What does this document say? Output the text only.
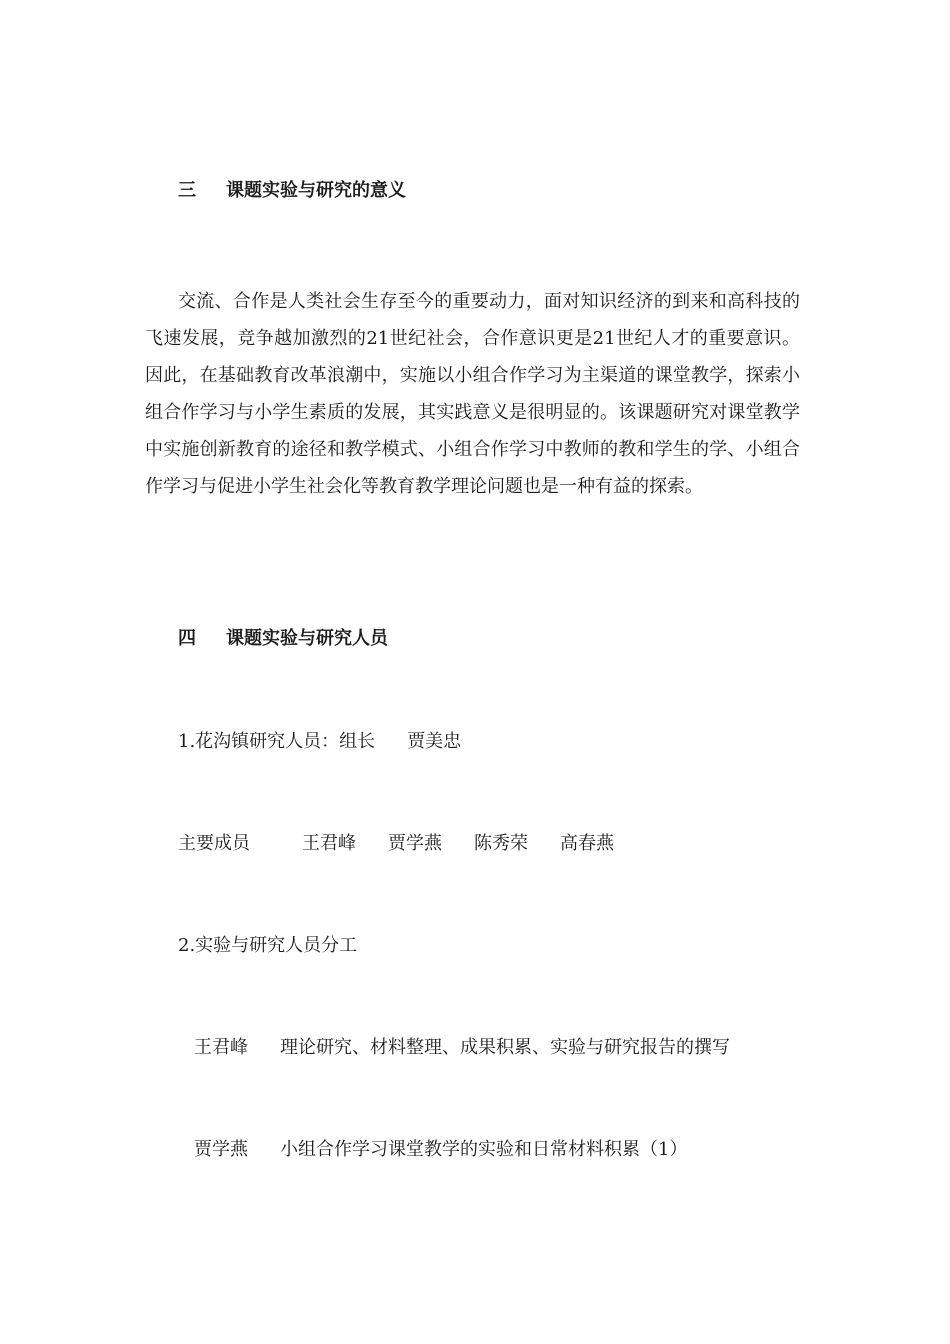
三 课题实验与研究的意义
交流、合作是人类社会生存至今的重要动力，面对知识经济的到来和高科技的飞速发展，竞争越加激烈的21世纪社会，合作意识更是21世纪人才的重要意识。因此，在基础教育改革浪潮中，实施以小组合作学习为主渠道的课堂教学，探索小组合作学习与小学生素质的发展，其实践意义是很明显的。该课题研究对课堂教学中实施创新教育的途径和教学模式、小组合作学习中教师的教和学生的学、小组合作学习与促进小学生社会化等教育教学理论问题也是一种有益的探索。
四 课题实验与研究人员
1.花沟镇研究人员：组长 贾美忠
主要成员	王君峰 贾学燕 陈秀荣 高春燕
2.实验与研究人员分工
王君峰 理论研究、材料整理、成果积累、实验与研究报告的撰写
贾学燕 小组合作学习课堂教学的实验和日常材料积累（1）
